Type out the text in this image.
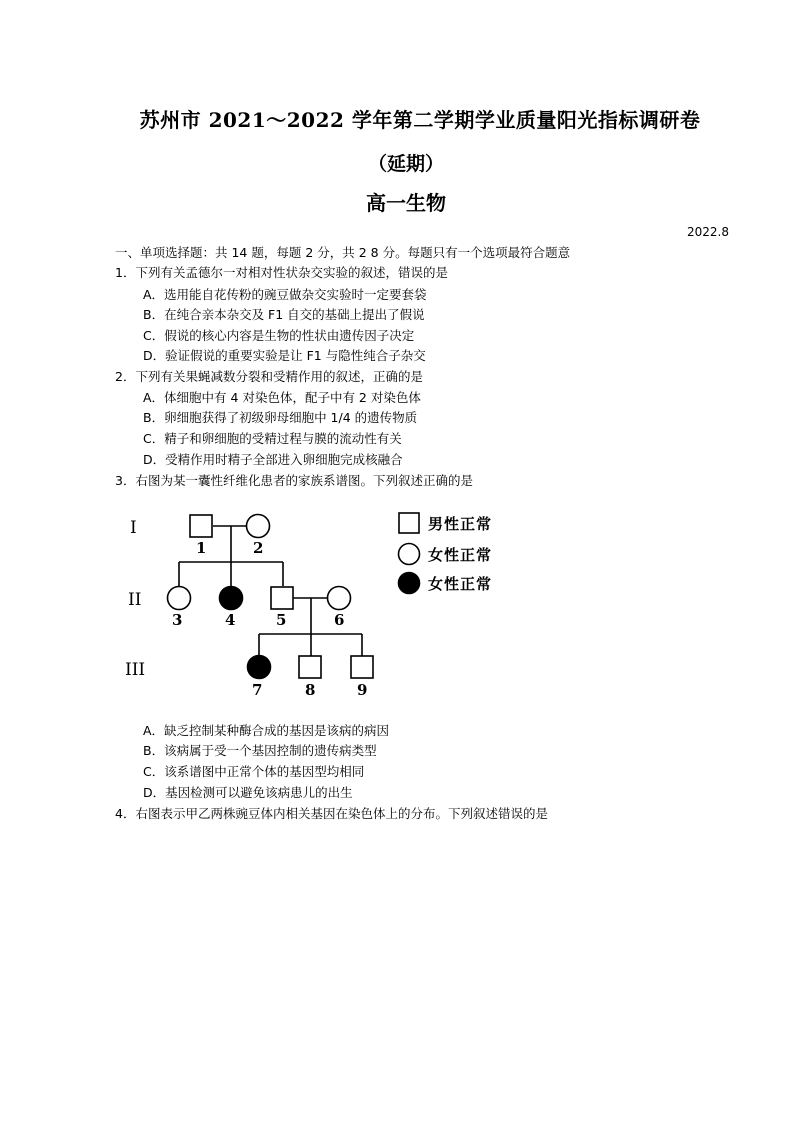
苏州市 2021～2022 学年第二学期学业质量阳光指标调研卷
（延期）
高一生物
2022.8
一、单项选择题：共 14 题，每题 2 分，共 2 8 分。每题只有一个选项最符合题意
1．下列有关孟德尔一对相对性状杂交实验的叙述，错误的是
A．选用能自花传粉的豌豆做杂交实验时一定要套袋
B．在纯合亲本杂交及 F1 自交的基础上提出了假说
C．假说的核心内容是生物的性状由遗传因子决定
D．验证假说的重要实验是让 F1 与隐性纯合子杂交
2．下列有关果蝇减数分裂和受精作用的叙述，正确的是
A．体细胞中有 4 对染色体，配子中有 2 对染色体
B．卵细胞获得了初级卵母细胞中 1/4 的遗传物质
C．精子和卵细胞的受精过程与膜的流动性有关
D．受精作用时精子全部进入卵细胞完成核融合
3．右图为某一囊性纤维化患者的家族系谱图。下列叙述正确的是
I
II
III
1	2
3	4	5	6
7	8	9
男性正常
女性正常
女性正常
A．缺乏控制某种酶合成的基因是该病的病因
B．该病属于受一个基因控制的遗传病类型
C．该系谱图中正常个体的基因型均相同
D．基因检测可以避免该病患儿的出生
4．右图表示甲乙两株豌豆体内相关基因在染色体上的分布。下列叙述错误的是
